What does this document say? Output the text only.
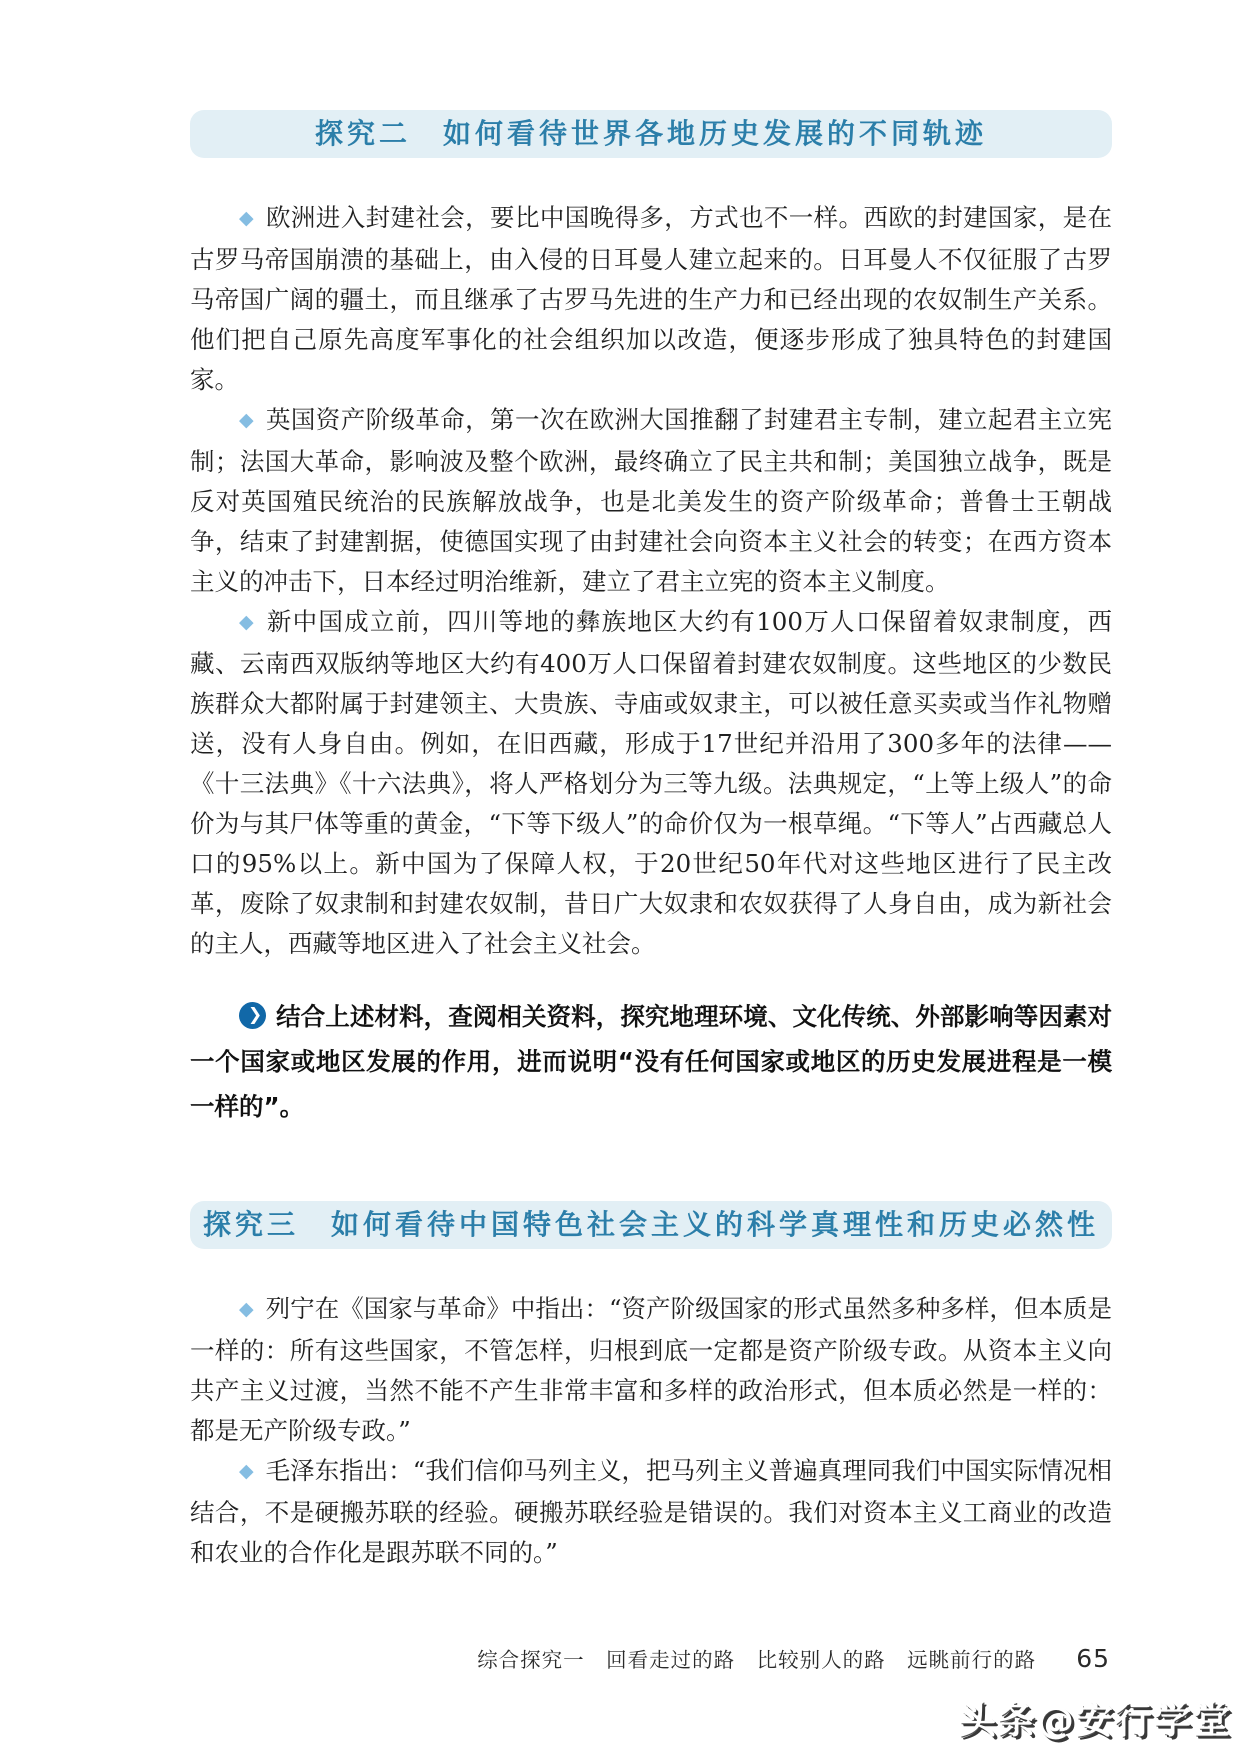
探究二　如何看待世界各地历史发展的不同轨迹

◆ 欧洲进入封建社会，要比中国晚得多，方式也不一样。西欧的封建国家，是在古罗马帝国崩溃的基础上，由入侵的日耳曼人建立起来的。日耳曼人不仅征服了古罗马帝国广阔的疆土，而且继承了古罗马先进的生产力和已经出现的农奴制生产关系。他们把自己原先高度军事化的社会组织加以改造，便逐步形成了独具特色的封建国家。

◆ 英国资产阶级革命，第一次在欧洲大国推翻了封建君主专制，建立起君主立宪制；法国大革命，影响波及整个欧洲，最终确立了民主共和制；美国独立战争，既是反对英国殖民统治的民族解放战争，也是北美发生的资产阶级革命；普鲁士王朝战争，结束了封建割据，使德国实现了由封建社会向资本主义社会的转变；在西方资本主义的冲击下，日本经过明治维新，建立了君主立宪的资本主义制度。

◆ 新中国成立前，四川等地的彝族地区大约有100万人口保留着奴隶制度，西藏、云南西双版纳等地区大约有400万人口保留着封建农奴制度。这些地区的少数民族群众大都附属于封建领主、大贵族、寺庙或奴隶主，可以被任意买卖或当作礼物赠送，没有人身自由。例如，在旧西藏，形成于17世纪并沿用了300多年的法律——《十三法典》《十六法典》，将人严格划分为三等九级。法典规定，“上等上级人”的命价为与其尸体等重的黄金，“下等下级人”的命价仅为一根草绳。“下等人”占西藏总人口的95%以上。新中国为了保障人权，于20世纪50年代对这些地区进行了民主改革，废除了奴隶制和封建农奴制，昔日广大奴隶和农奴获得了人身自由，成为新社会的主人，西藏等地区进入了社会主义社会。

❯结合上述材料，查阅相关资料，探究地理环境、文化传统、外部影响等因素对一个国家或地区发展的作用，进而说明“没有任何国家或地区的历史发展进程是一模一样的”。

探究三　如何看待中国特色社会主义的科学真理性和历史必然性

◆ 列宁在《国家与革命》中指出：“资产阶级国家的形式虽然多种多样，但本质是一样的：所有这些国家，不管怎样，归根到底一定都是资产阶级专政。从资本主义向共产主义过渡，当然不能不产生非常丰富和多样的政治形式，但本质必然是一样的：都是无产阶级专政。”

◆ 毛泽东指出：“我们信仰马列主义，把马列主义普遍真理同我们中国实际情况相结合，不是硬搬苏联的经验。硬搬苏联经验是错误的。我们对资本主义工商业的改造和农业的合作化是跟苏联不同的。”

综合探究一　回看走过的路　比较别人的路　远眺前行的路 65
头条@安行学堂
